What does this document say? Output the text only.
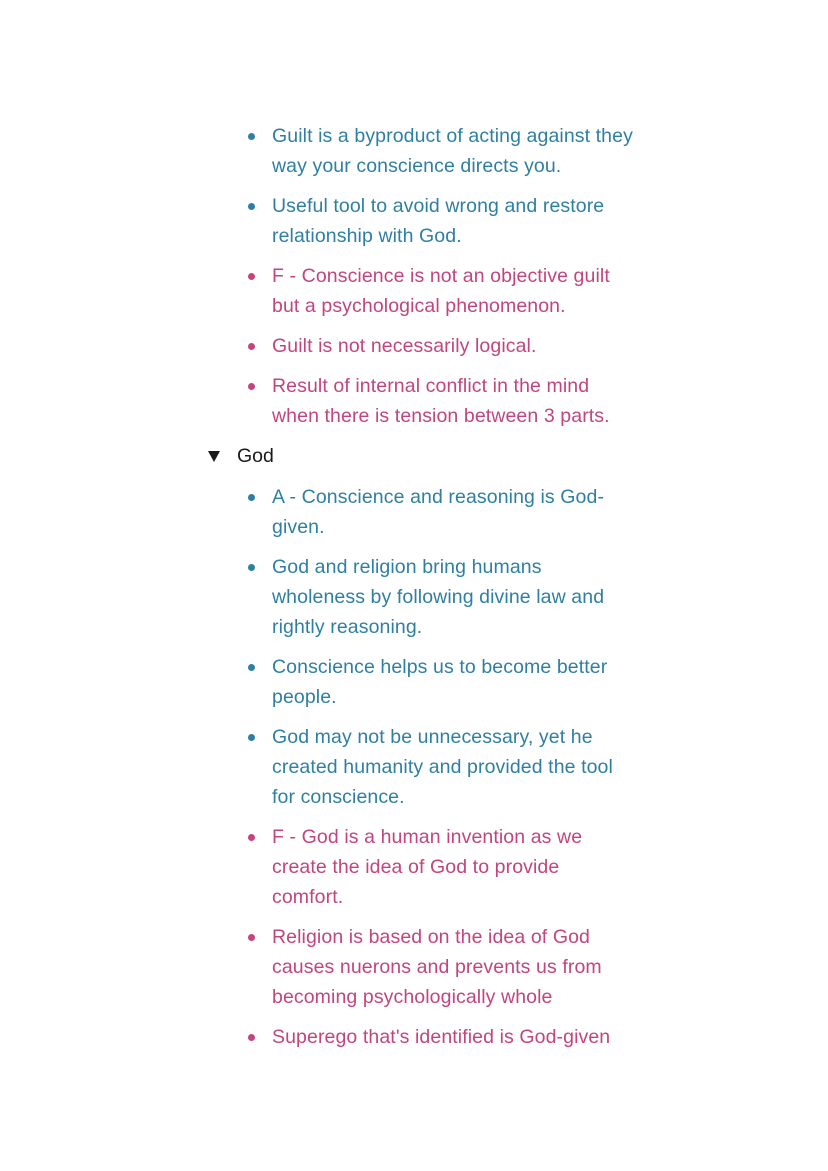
Guilt is a byproduct of acting against they way your conscience directs you.
Useful tool to avoid wrong and restore relationship with God.
F - Conscience is not an objective guilt but a psychological phenomenon.
Guilt is not necessarily logical.
Result of internal conflict in the mind when there is tension between 3 parts.
God
A - Conscience and reasoning is God-given.
God and religion bring humans wholeness by following divine law and rightly reasoning.
Conscience helps us to become better people.
God may not be unnecessary, yet he created humanity and provided the tool for conscience.
F - God is a human invention as we create the idea of God to provide comfort.
Religion is based on the idea of God causes nuerons and prevents us from becoming psychologically whole
Superego that's identified is God-given
